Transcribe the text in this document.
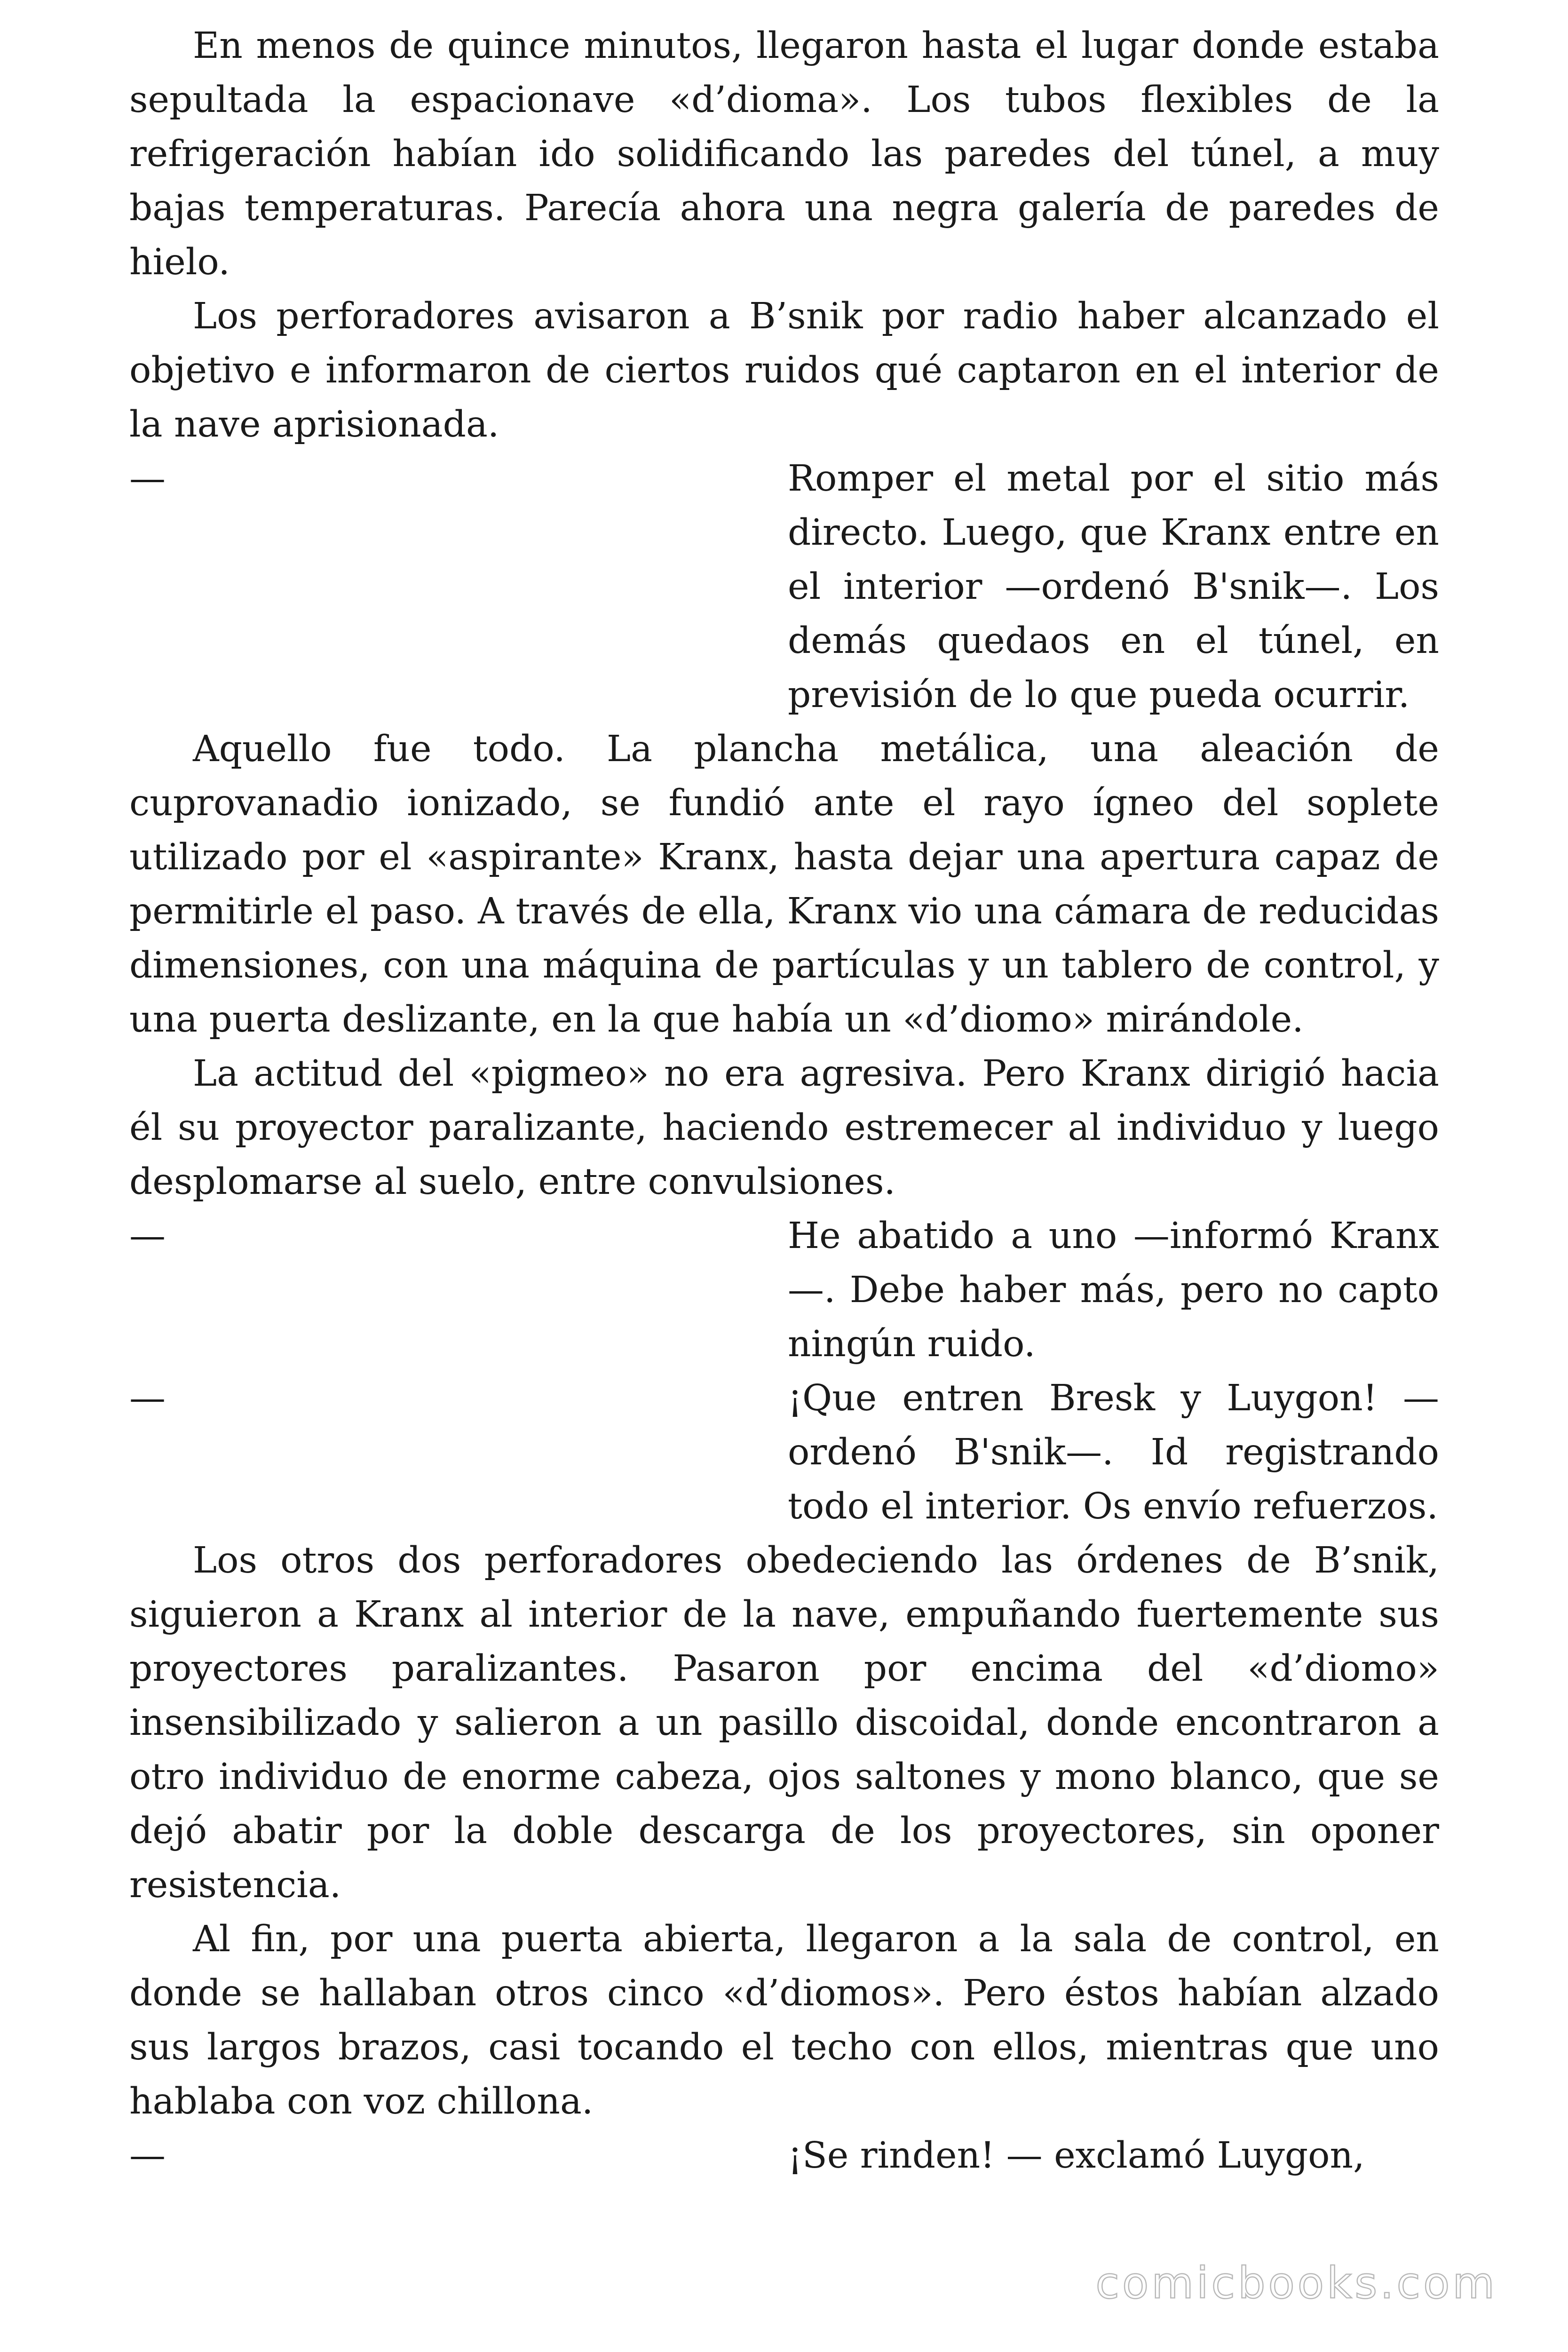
En menos de quince minutos, llegaron hasta el lugar donde estaba sepultada la espacionave «d’dioma». Los tubos flexibles de la refrigeración habían ido solidificando las paredes del túnel, a muy bajas temperaturas. Parecía ahora una negra galería de paredes de hielo.

Los perforadores avisaron a B’snik por radio haber alcanzado el objetivo e informaron de ciertos ruidos qué captaron en el interior de la nave aprisionada.

—	Romper el metal por el sitio más directo. Luego, que Kranx entre en el interior —ordenó B'snik—. Los demás quedaos en el túnel, en previsión de lo que pueda ocurrir.

Aquello fue todo. La plancha metálica, una aleación de cuprovanadio ionizado, se fundió ante el rayo ígneo del soplete utilizado por el «aspirante» Kranx, hasta dejar una apertura capaz de permitirle el paso. A través de ella, Kranx vio una cámara de reducidas dimensiones, con una máquina de partículas y un tablero de control, y una puerta deslizante, en la que había un «d’diomo» mirándole.

La actitud del «pigmeo» no era agresiva. Pero Kranx dirigió hacia él su proyector paralizante, haciendo estremecer al individuo y luego desplomarse al suelo, entre convulsiones.

—	He abatido a uno —informó Kranx—. Debe haber más, pero no capto ningún ruido.
—	¡Que entren Bresk y Luygon! — ordenó B'snik—. Id registrando todo el interior. Os envío refuerzos.

Los otros dos perforadores obedeciendo las órdenes de B’snik, siguieron a Kranx al interior de la nave, empuñando fuertemente sus proyectores paralizantes. Pasaron por encima del «d’diomo» insensibilizado y salieron a un pasillo discoidal, donde encontraron a otro individuo de enorme cabeza, ojos saltones y mono blanco, que se dejó abatir por la doble descarga de los proyectores, sin oponer resistencia.

Al fin, por una puerta abierta, llegaron a la sala de control, en donde se hallaban otros cinco «d’diomos». Pero éstos habían alzado sus largos brazos, casi tocando el techo con ellos, mientras que uno hablaba con voz chillona.

—	¡Se rinden! — exclamó Luygon,
comicbooks.com
